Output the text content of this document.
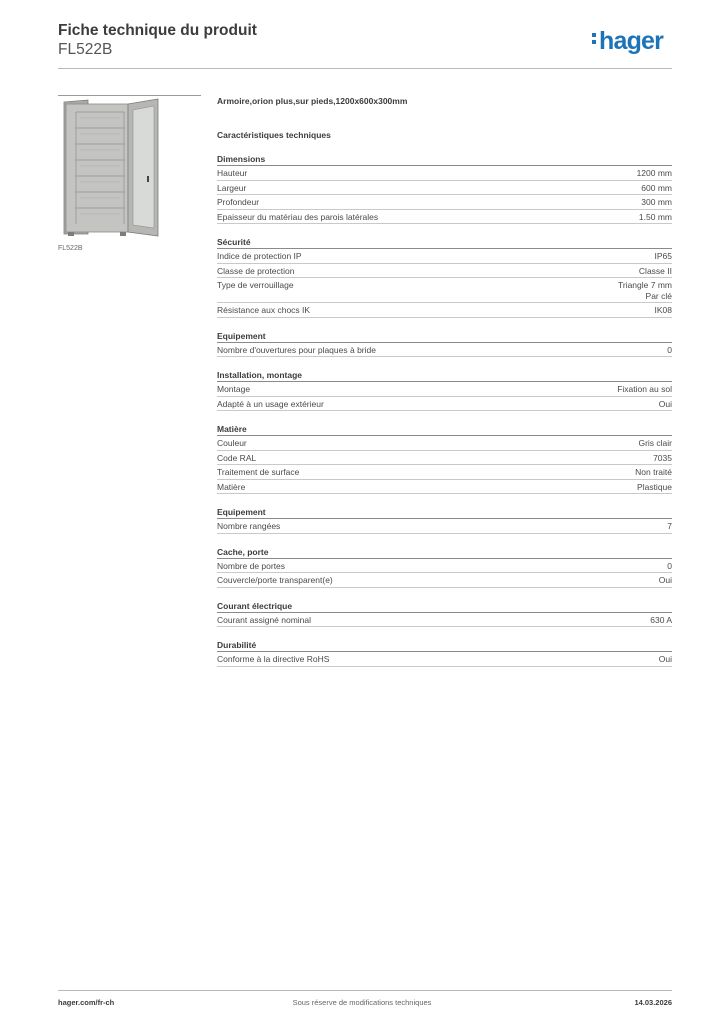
Fiche technique du produit
FL522B	hager
FL522B
Armoire,orion plus,sur pieds,1200x600x300mm
Caractéristiques techniques
Dimensions
Hauteur	1200 mm
Largeur	600 mm
Profondeur	300 mm
Epaisseur du matériau des parois latérales	1.50 mm
Sécurité
Indice de protection IP	IP65
Classe de protection	Classe II
Type de verrouillage	Triangle 7 mm
Par clé
Résistance aux chocs IK	IK08
Equipement
Nombre d'ouvertures pour plaques à bride	0
Installation, montage
Montage	Fixation au sol
Adapté à un usage extérieur	Oui
Matière
Couleur	Gris clair
Code RAL	7035
Traitement de surface	Non traité
Matière	Plastique
Equipement
Nombre rangées	7
Cache, porte
Nombre de portes	0
Couvercle/porte transparent(e)	Oui
Courant électrique
Courant assigné nominal	630 A
Durabilité
Conforme à la directive RoHS	Oui
hager.com/fr-ch	Sous réserve de modifications techniques	14.03.2026
